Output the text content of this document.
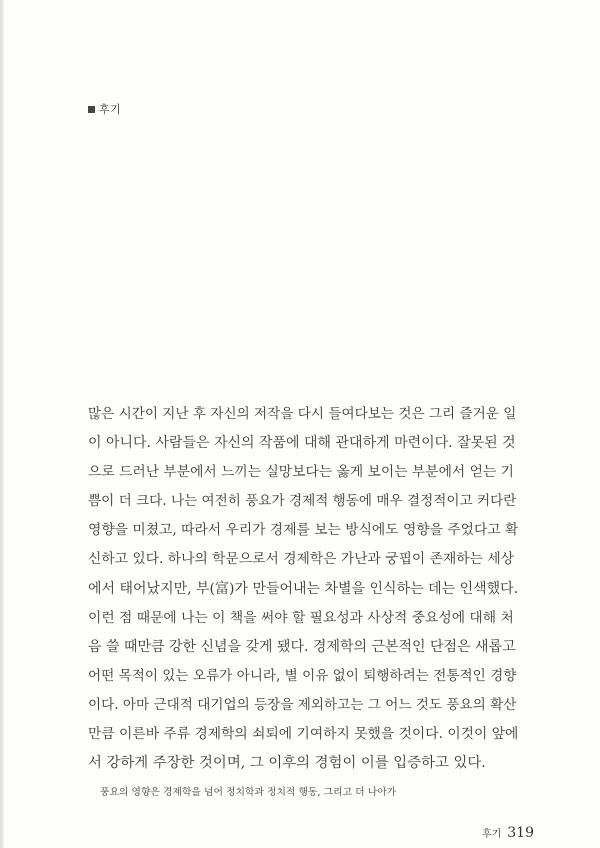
후기

많은 시간이 지난 후 자신의 저작을 다시 들여다보는 것은 그리 즐거운 일

이 아니다. 사람들은 자신의 작품에 대해 관대하게 마련이다. 잘못된 것

으로 드러난 부분에서 느끼는 실망보다는 옳게 보이는 부분에서 얻는 기

쁨이 더 크다. 나는 여전히 풍요가 경제적 행동에 매우 결정적이고 커다란

영향을 미쳤고, 따라서 우리가 경제를 보는 방식에도 영향을 주었다고 확

신하고 있다. 하나의 학문으로서 경제학은 가난과 궁핍이 존재하는 세상

에서 태어났지만, 부(富)가 만들어내는 차별을 인식하는 데는 인색했다.

이런 점 때문에 나는 이 책을 써야 할 필요성과 사상적 중요성에 대해 처

음 쓸 때만큼 강한 신념을 갖게 됐다. 경제학의 근본적인 단점은 새롭고

어떤 목적이 있는 오류가 아니라, 별 이유 없이 퇴행하려는 전통적인 경향

이다. 아마 근대적 대기업의 등장을 제외하고는 그 어느 것도 풍요의 확산

만큼 이른바 주류 경제학의 쇠퇴에 기여하지 못했을 것이다. 이것이 앞에

서 강하게 주장한 것이며, 그 이후의 경험이 이를 입증하고 있다.

풍요의 영향은 경제학을 넘어 정치학과 정치적 행동, 그리고 더 나아가

후기 319
